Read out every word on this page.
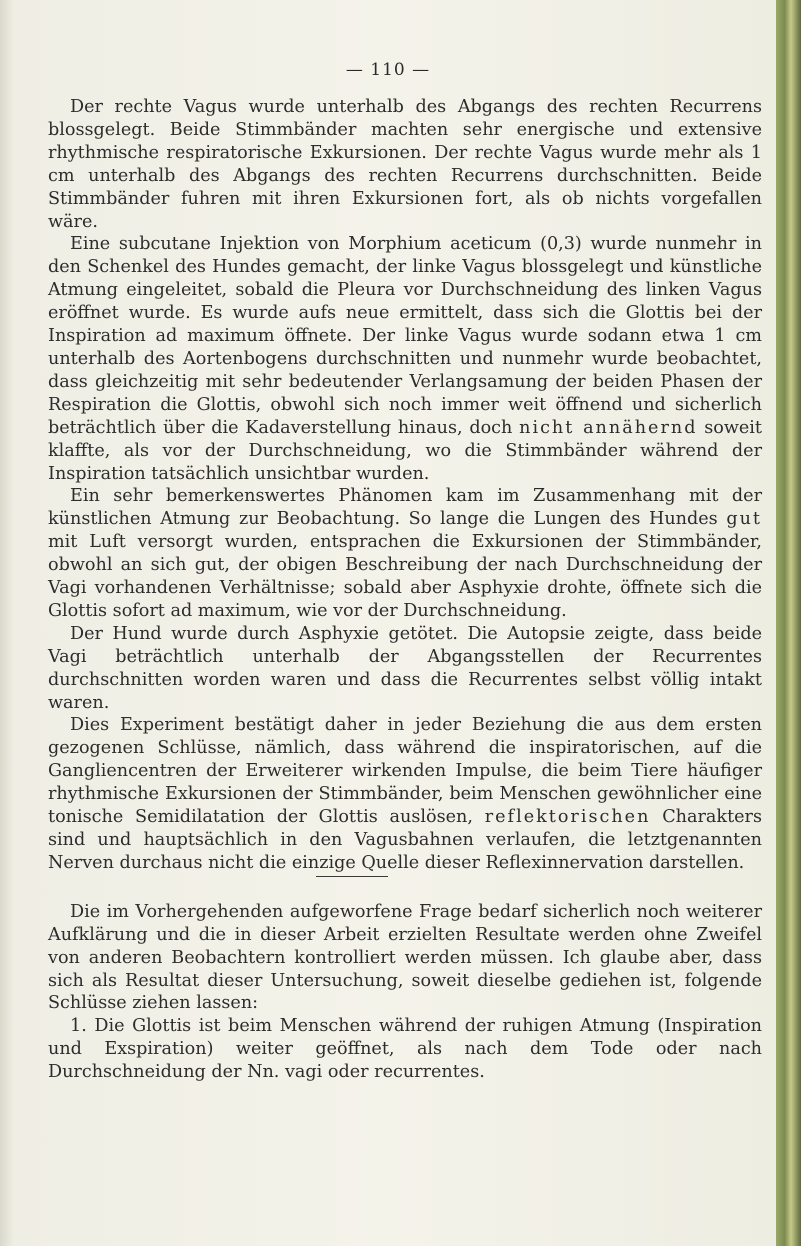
— 110 —

Der rechte Vagus wurde unterhalb des Abgangs des rechten Recurrens blossgelegt. Beide Stimmbänder machten sehr energische und extensive rhythmische respiratorische Exkursionen. Der rechte Vagus wurde mehr als 1 cm unterhalb des Abgangs des rechten Recurrens durchschnitten. Beide Stimmbänder fuhren mit ihren Exkursionen fort, als ob nichts vorgefallen wäre.

Eine subcutane Injektion von Morphium aceticum (0,3) wurde nunmehr in den Schenkel des Hundes gemacht, der linke Vagus blossgelegt und künstliche Atmung eingeleitet, sobald die Pleura vor Durchschneidung des linken Vagus eröffnet wurde. Es wurde aufs neue ermittelt, dass sich die Glottis bei der Inspiration ad maximum öffnete. Der linke Vagus wurde sodann etwa 1 cm unterhalb des Aortenbogens durchschnitten und nunmehr wurde beobachtet, dass gleichzeitig mit sehr bedeutender Verlangsamung der beiden Phasen der Respiration die Glottis, obwohl sich noch immer weit öffnend und sicherlich beträchtlich über die Kadaverstellung hinaus, doch nicht annähernd soweit klaffte, als vor der Durchschneidung, wo die Stimmbänder während der Inspiration tatsächlich unsichtbar wurden.

Ein sehr bemerkenswertes Phänomen kam im Zusammenhang mit der künstlichen Atmung zur Beobachtung. So lange die Lungen des Hundes gut mit Luft versorgt wurden, entsprachen die Exkursionen der Stimmbänder, obwohl an sich gut, der obigen Beschreibung der nach Durchschneidung der Vagi vorhandenen Verhältnisse; sobald aber Asphyxie drohte, öffnete sich die Glottis sofort ad maximum, wie vor der Durchschneidung.

Der Hund wurde durch Asphyxie getötet. Die Autopsie zeigte, dass beide Vagi beträchtlich unterhalb der Abgangsstellen der Recurrentes durchschnitten worden waren und dass die Recurrentes selbst völlig intakt waren.

Dies Experiment bestätigt daher in jeder Beziehung die aus dem ersten gezogenen Schlüsse, nämlich, dass während die inspiratorischen, auf die Gangliencentren der Erweiterer wirkenden Impulse, die beim Tiere häufiger rhythmische Exkursionen der Stimmbänder, beim Menschen gewöhnlicher eine tonische Semidilatation der Glottis auslösen, reflektorischen Charakters sind und hauptsächlich in den Vagusbahnen verlaufen, die letztgenannten Nerven durchaus nicht die einzige Quelle dieser Reflexinnervation darstellen.

Die im Vorhergehenden aufgeworfene Frage bedarf sicherlich noch weiterer Aufklärung und die in dieser Arbeit erzielten Resultate werden ohne Zweifel von anderen Beobachtern kontrolliert werden müssen. Ich glaube aber, dass sich als Resultat dieser Untersuchung, soweit dieselbe gediehen ist, folgende Schlüsse ziehen lassen:

1. Die Glottis ist beim Menschen während der ruhigen Atmung (Inspiration und Exspiration) weiter geöffnet, als nach dem Tode oder nach Durchschneidung der Nn. vagi oder recurrentes.
